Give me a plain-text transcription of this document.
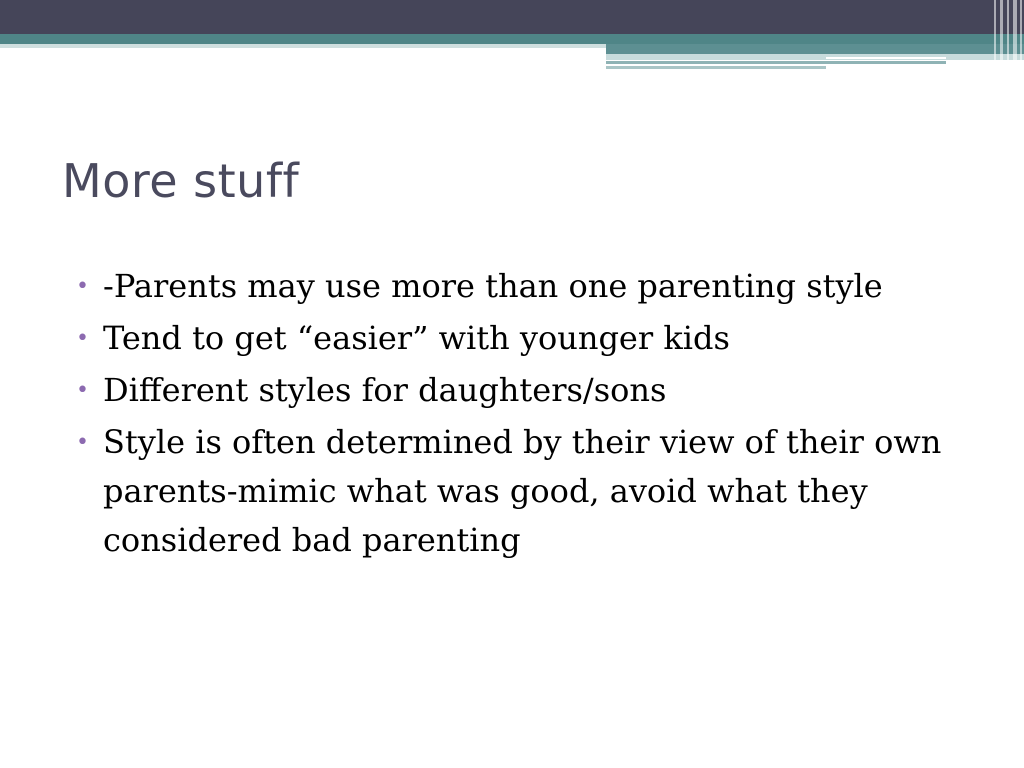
More stuff
• -Parents may use more than one parenting style
• Tend to get “easier” with younger kids
• Different styles for daughters/sons
• Style is often determined by their view of their own parents-mimic what was good, avoid what they considered bad parenting
